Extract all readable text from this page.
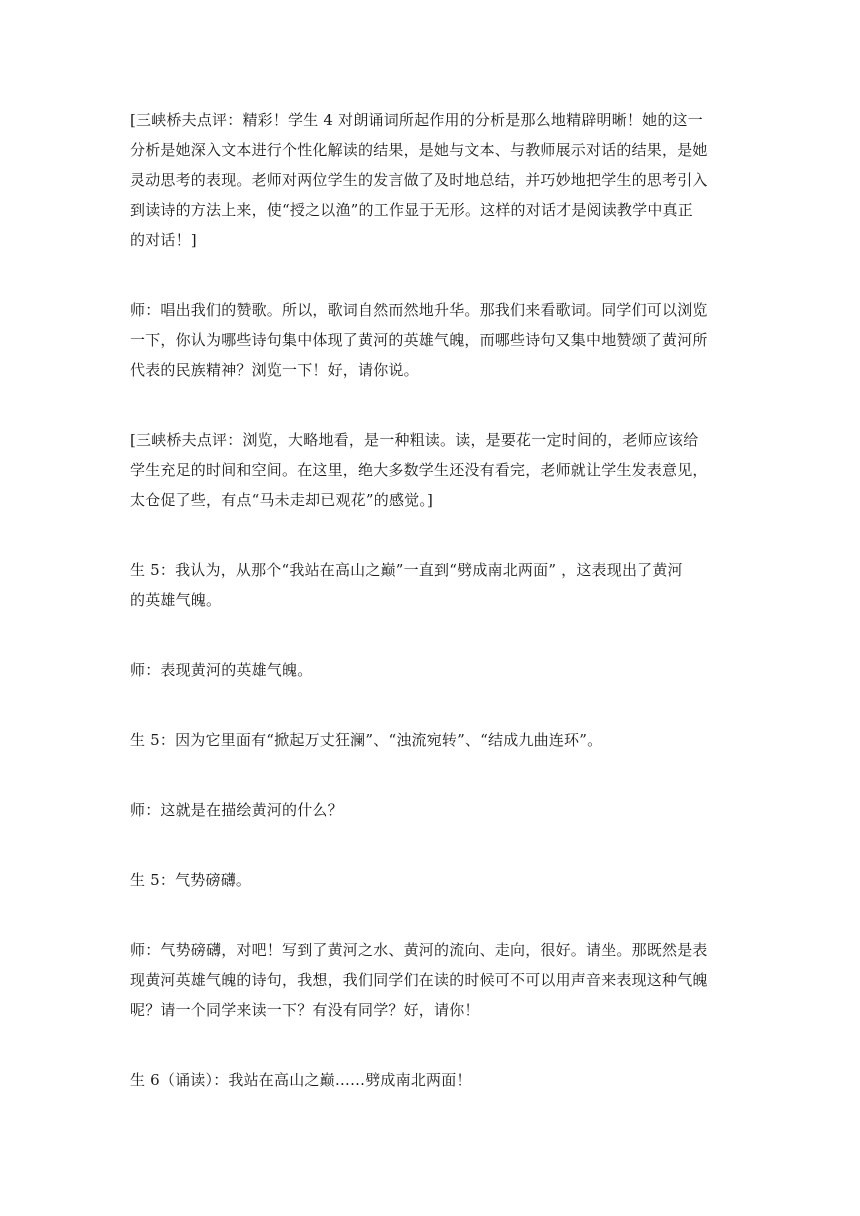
[三峡桥夫点评：精彩！学生 4 对朗诵词所起作用的分析是那么地精辟明晰！她的这一
分析是她深入文本进行个性化解读的结果，是她与文本、与教师展示对话的结果，是她
灵动思考的表现。老师对两位学生的发言做了及时地总结，并巧妙地把学生的思考引入
到读诗的方法上来，使“授之以渔”的工作显于无形。这样的对话才是阅读教学中真正
的对话！]
师：唱出我们的赞歌。所以，歌词自然而然地升华。那我们来看歌词。同学们可以浏览
一下，你认为哪些诗句集中体现了黄河的英雄气魄，而哪些诗句又集中地赞颂了黄河所
代表的民族精神？浏览一下！好，请你说。
[三峡桥夫点评：浏览，大略地看，是一种粗读。读，是要花一定时间的，老师应该给
学生充足的时间和空间。在这里，绝大多数学生还没有看完，老师就让学生发表意见，
太仓促了些，有点“马未走却已观花”的感觉。]
生 5：我认为，从那个“我站在高山之巅”一直到“劈成南北两面” ，这表现出了黄河
的英雄气魄。
师：表现黄河的英雄气魄。
生 5：因为它里面有“掀起万丈狂澜”、“浊流宛转”、“结成九曲连环”。
师：这就是在描绘黄河的什么？
生 5：气势磅礴。
师：气势磅礴，对吧！写到了黄河之水、黄河的流向、走向，很好。请坐。那既然是表
现黄河英雄气魄的诗句，我想，我们同学们在读的时候可不可以用声音来表现这种气魄
呢？请一个同学来读一下？有没有同学？好，请你！
生 6（诵读）：我站在高山之巅……劈成南北两面！
